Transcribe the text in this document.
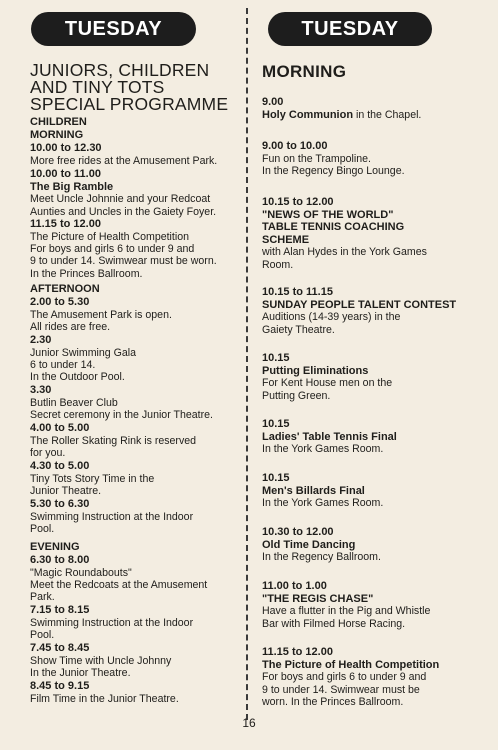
TUESDAY	TUESDAY
JUNIORS, CHILDREN
AND TINY TOTS
SPECIAL PROGRAMME
CHILDREN
MORNING
10.00 to 12.30
More free rides at the Amusement Park.
10.00 to 11.00
The Big Ramble
Meet Uncle Johnnie and your Redcoat
Aunties and Uncles in the Gaiety Foyer.
11.15 to 12.00
The Picture of Health Competition
For boys and girls 6 to under 9 and
9 to under 14. Swimwear must be worn.
In the Princes Ballroom.
AFTERNOON
2.00 to 5.30
The Amusement Park is open.
All rides are free.
2.30
Junior Swimming Gala
6 to under 14.
In the Outdoor Pool.
3.30
Butlin Beaver Club
Secret ceremony in the Junior Theatre.
4.00 to 5.00
The Roller Skating Rink is reserved
for you.
4.30 to 5.00
Tiny Tots Story Time in the
Junior Theatre.
5.30 to 6.30
Swimming Instruction at the Indoor
Pool.
EVENING
6.30 to 8.00
"Magic Roundabouts"
Meet the Redcoats at the Amusement
Park.
7.15 to 8.15
Swimming Instruction at the Indoor
Pool.
7.45 to 8.45
Show Time with Uncle Johnny
In the Junior Theatre.
8.45 to 9.15
Film Time in the Junior Theatre.
MORNING
9.00
Holy Communion in the Chapel.
9.00 to 10.00
Fun on the Trampoline.
In the Regency Bingo Lounge.
10.15 to 12.00
"NEWS OF THE WORLD"
TABLE TENNIS COACHING
SCHEME
with Alan Hydes in the York Games
Room.
10.15 to 11.15
SUNDAY PEOPLE TALENT CONTEST
Auditions (14-39 years) in the
Gaiety Theatre.
10.15
Putting Eliminations
For Kent House men on the
Putting Green.
10.15
Ladies' Table Tennis Final
In the York Games Room.
10.15
Men's Billards Final
In the York Games Room.
10.30 to 12.00
Old Time Dancing
In the Regency Ballroom.
11.00 to 1.00
"THE REGIS CHASE"
Have a flutter in the Pig and Whistle
Bar with Filmed Horse Racing.
11.15 to 12.00
The Picture of Health Competition
For boys and girls 6 to under 9 and
9 to under 14. Swimwear must be
worn. In the Princes Ballroom.
16
